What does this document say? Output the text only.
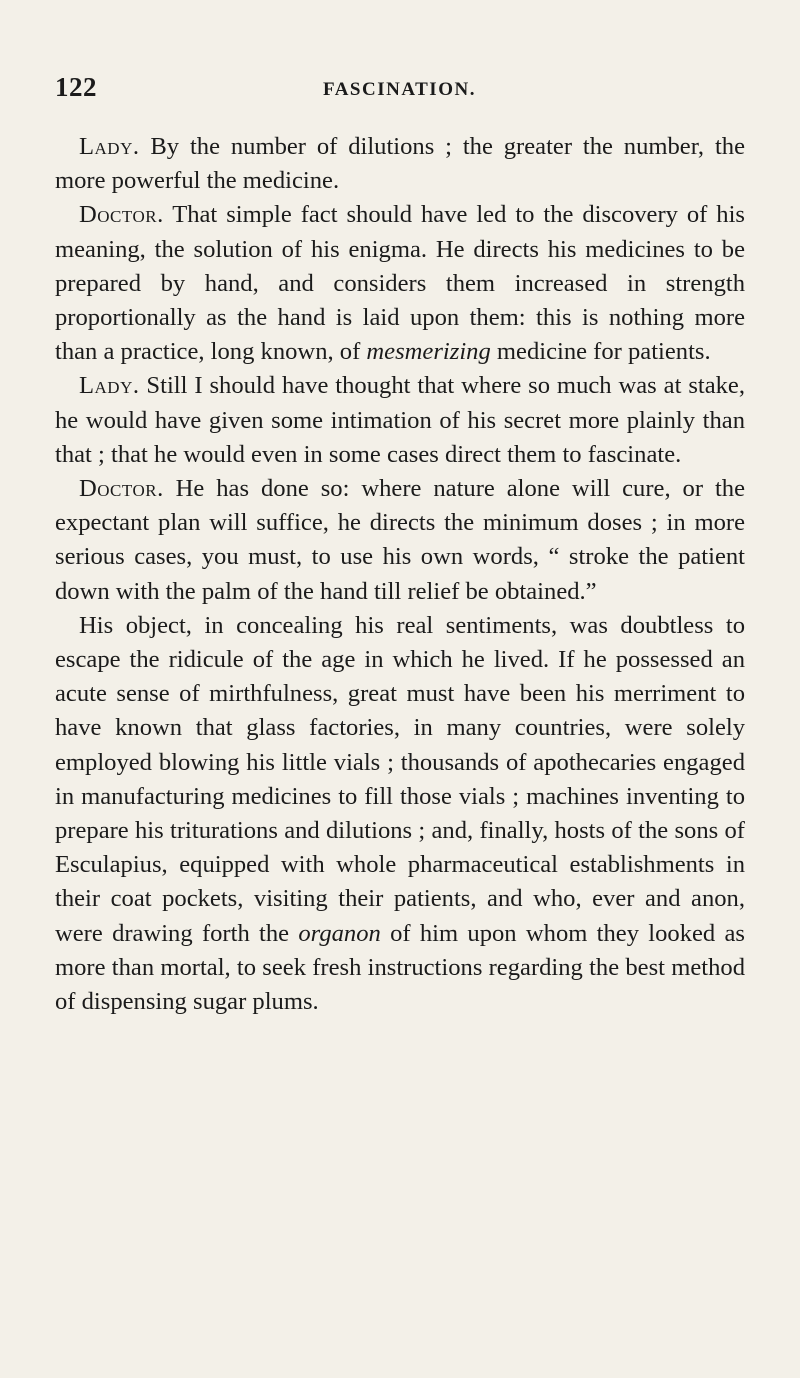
122	FASCINATION.

Lady. By the number of dilutions ; the greater the number, the more powerful the medicine.

Doctor. That simple fact should have led to the discovery of his meaning, the solution of his enigma. He directs his medicines to be prepared by hand, and considers them increased in strength proportionally as the hand is laid upon them: this is nothing more than a practice, long known, of mesmerizing medicine for patients.

Lady. Still I should have thought that where so much was at stake, he would have given some intimation of his secret more plainly than that ; that he would even in some cases direct them to fascinate.

Doctor. He has done so: where nature alone will cure, or the expectant plan will suffice, he directs the minimum doses ; in more serious cases, you must, to use his own words, “ stroke the patient down with the palm of the hand till relief be obtained.”

His object, in concealing his real sentiments, was doubtless to escape the ridicule of the age in which he lived. If he possessed an acute sense of mirthfulness, great must have been his merriment to have known that glass factories, in many countries, were solely employed blowing his little vials ; thousands of apothecaries engaged in manufacturing medicines to fill those vials ; machines inventing to prepare his triturations and dilutions ; and, finally, hosts of the sons of Esculapius, equipped with whole pharmaceutical establishments in their coat pockets, visiting their patients, and who, ever and anon, were drawing forth the organon of him upon whom they looked as more than mortal, to seek fresh instructions regarding the best method of dispensing sugar plums.
